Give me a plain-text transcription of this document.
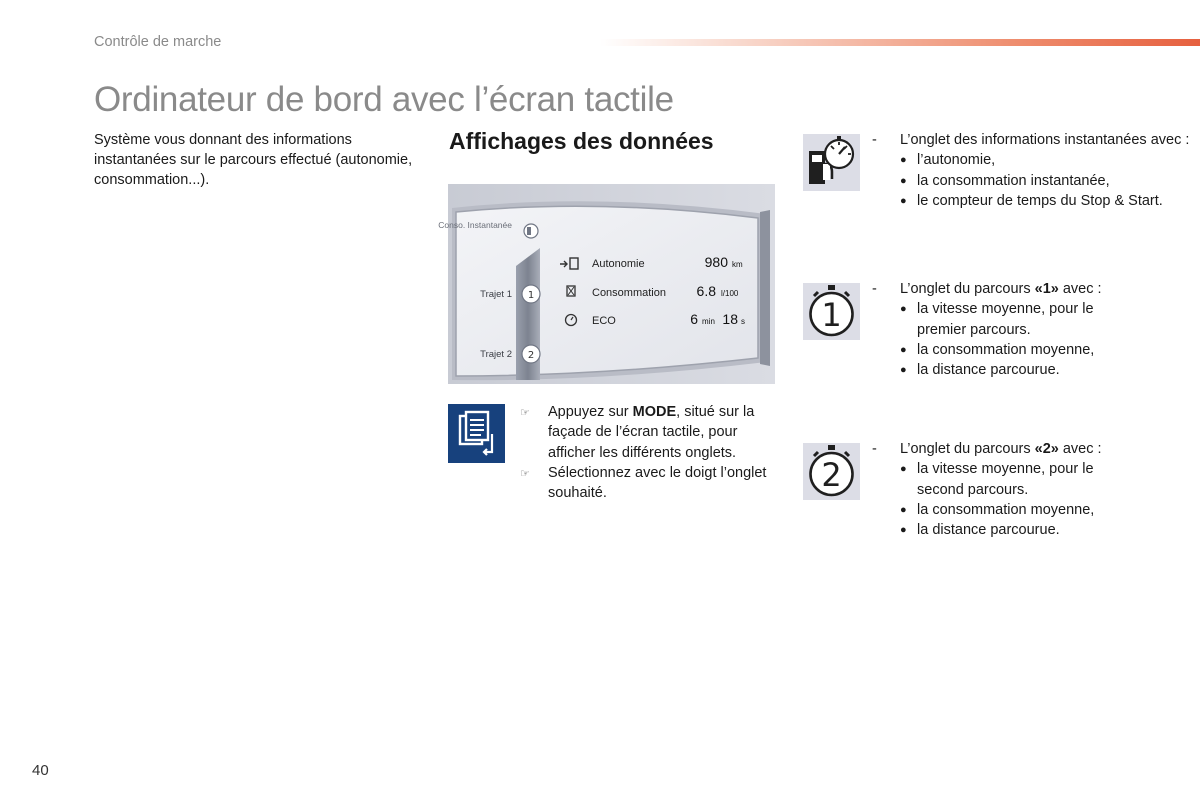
Contrôle de marche
Ordinateur de bord avec l’écran tactile

Système vous donnant des informations instantanées sur le parcours effectué (autonomie, consommation...).

Affichages des données
1
2
Conso. Instantanée
Trajet 1
Trajet 2
Autonomie
Consommation
ECO
980 km
6.8 l/100
6 min 18 s
☞ Appuyez sur MODE, situé sur la façade de l’écran tactile, pour afficher les différents onglets.
☞ Sélectionnez avec le doigt l’onglet souhaité.
- L’onglet des informations instantanées avec :
● l’autonomie,
● la consommation instantanée,
● le compteur de temps du Stop & Start.
1
- L’onglet du parcours «1» avec :
● la vitesse moyenne, pour le premier parcours.
● la consommation moyenne,
● la distance parcourue.
2
- L’onglet du parcours «2» avec :
● la vitesse moyenne, pour le second parcours.
● la consommation moyenne,
● la distance parcourue.
40
